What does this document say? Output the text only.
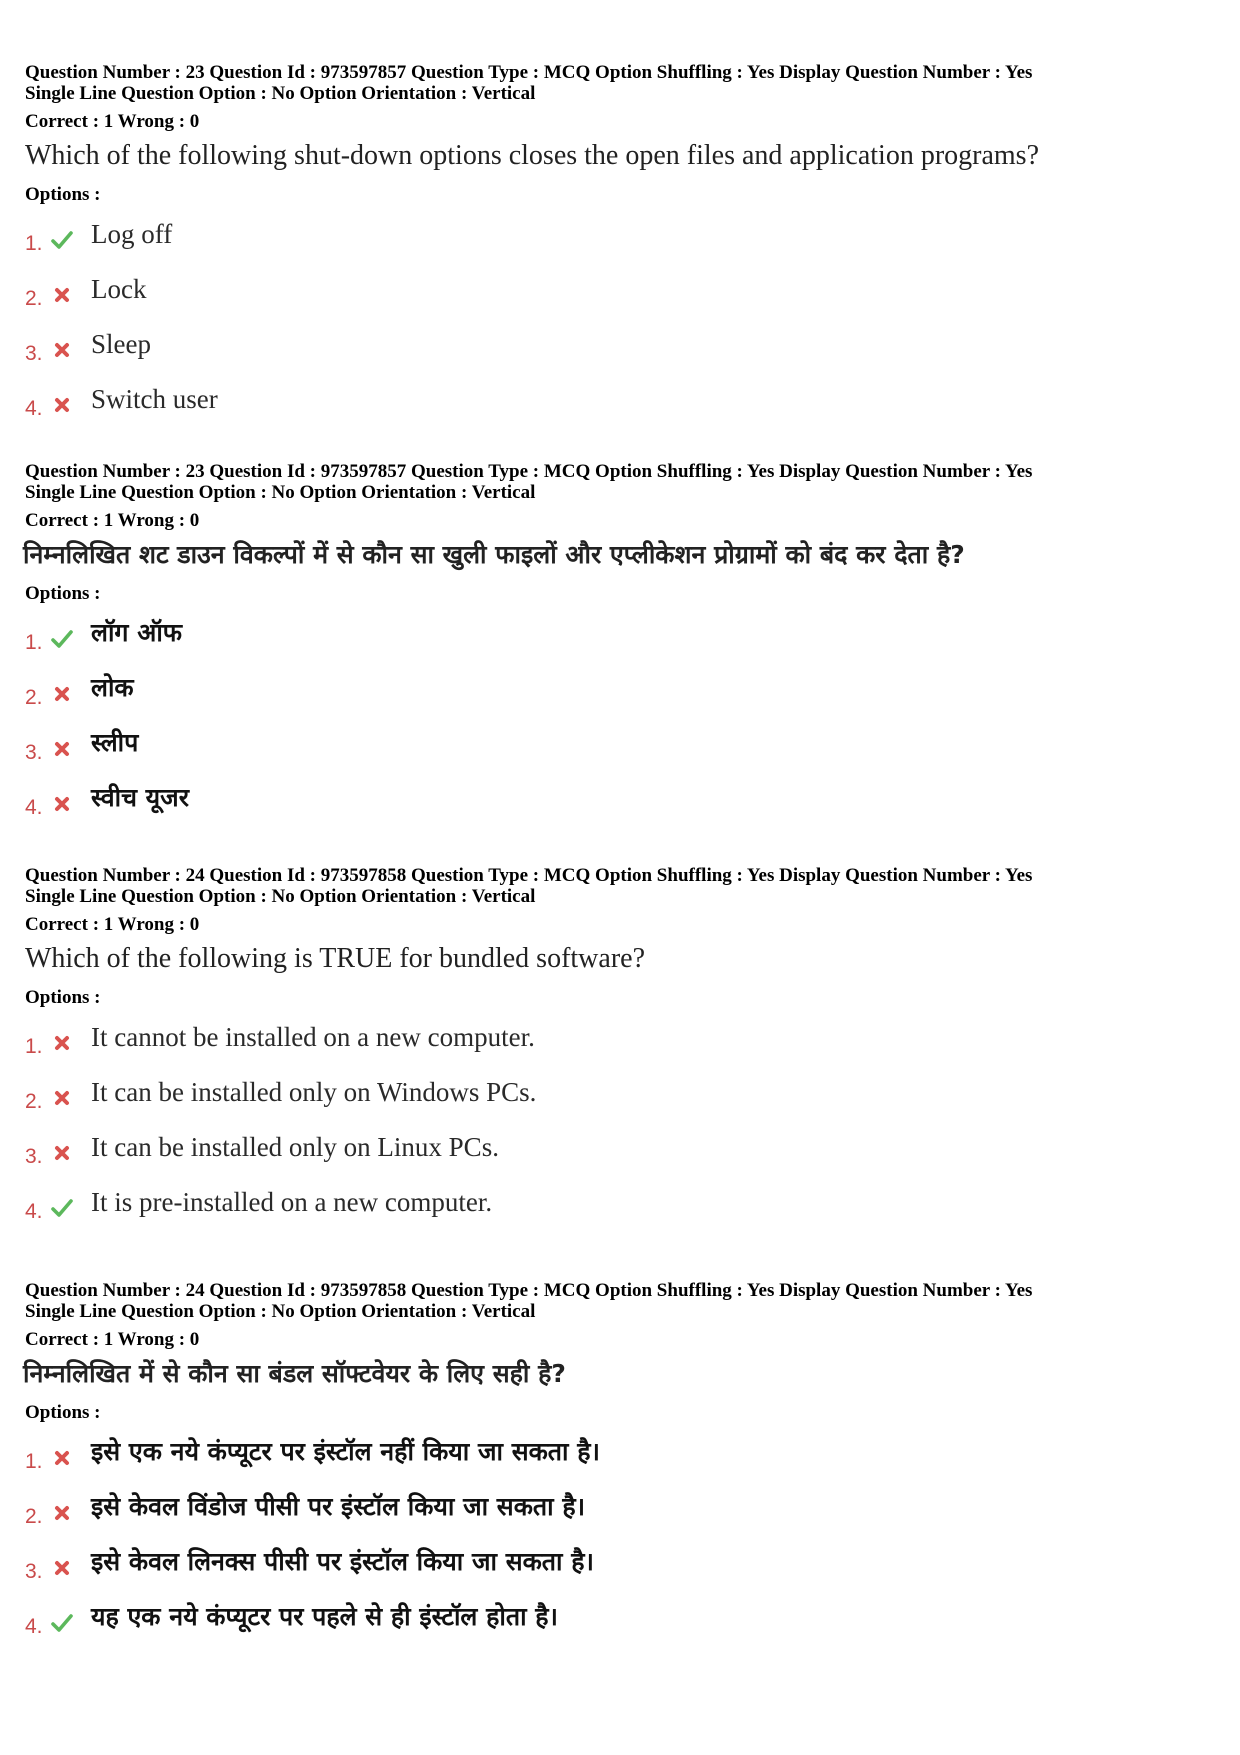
Question Number : 23 Question Id : 973597857 Question Type : MCQ Option Shuffling : Yes Display Question Number : Yes
Single Line Question Option : No Option Orientation : Vertical
Correct : 1 Wrong : 0
Which of the following shut-down options closes the open files and application programs?
Options :
1. Log off
2. Lock
3. Sleep
4. Switch user
Question Number : 23 Question Id : 973597857 Question Type : MCQ Option Shuffling : Yes Display Question Number : Yes
Single Line Question Option : No Option Orientation : Vertical
Correct : 1 Wrong : 0
निम्नलिखित शट डाउन विकल्पों में से कौन सा खुली फाइलों और एप्लीकेशन प्रोग्रामों को बंद कर देता है?
Options :
1. लॉग ऑफ
2. लोक
3. स्लीप
4. स्वीच यूजर
Question Number : 24 Question Id : 973597858 Question Type : MCQ Option Shuffling : Yes Display Question Number : Yes
Single Line Question Option : No Option Orientation : Vertical
Correct : 1 Wrong : 0
Which of the following is TRUE for bundled software?
Options :
1. It cannot be installed on a new computer.
2. It can be installed only on Windows PCs.
3. It can be installed only on Linux PCs.
4. It is pre-installed on a new computer.
Question Number : 24 Question Id : 973597858 Question Type : MCQ Option Shuffling : Yes Display Question Number : Yes
Single Line Question Option : No Option Orientation : Vertical
Correct : 1 Wrong : 0
निम्नलिखित में से कौन सा बंडल सॉफ्टवेयर के लिए सही है?
Options :
1. इसे एक नये कंप्यूटर पर इंस्टॉल नहीं किया जा सकता है।
2. इसे केवल विंडोज पीसी पर इंस्टॉल किया जा सकता है।
3. इसे केवल लिनक्स पीसी पर इंस्टॉल किया जा सकता है।
4. यह एक नये कंप्यूटर पर पहले से ही इंस्टॉल होता है।
